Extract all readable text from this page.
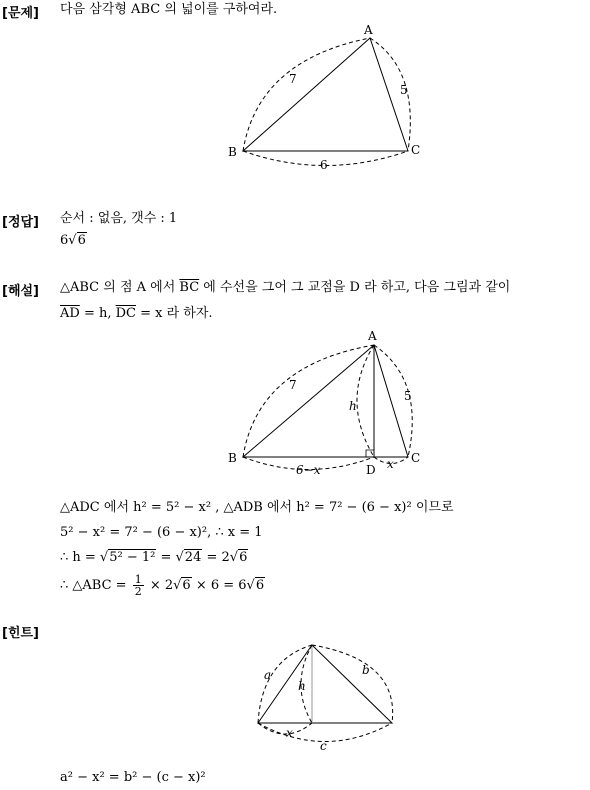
[문제] 다음 삼각형 ABC 의 넓이를 구하여라.
A
B	C
7
5
6
[정답] 순서 : 없음, 갯수 : 1
6√6
[해설] △ABC 의 점 A 에서 $\overline{BC}$ 에 수선을 그어 그 교점을 D 라 하고, 다음 그림과 같이
$\overline{AD} = h$, $\overline{DC} = x$ 라 하자.
A
B	C
D
7
5
h
6−x	x
△ADC 에서 h² = 5² − x² , △ADB 에서 h² = 7² − (6 − x)² 이므로
5² − x² = 7² − (6 − x)², ∴ x = 1
∴ h = √5² − 1² = √24 = 2√6
∴ △ABC = $\frac{1}{2} \times 2√6 \times 6 = 6√6$
[힌트]
a	b
h
x
c
a² − x² = b² − (c − x)²
